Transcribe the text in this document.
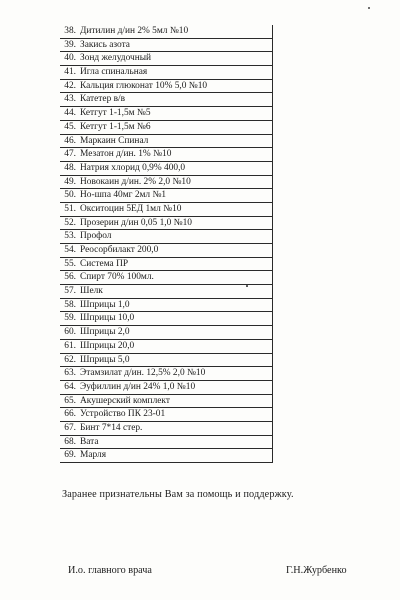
38. Дитилин д/ин 2% 5мл №10
39. Закись азота
40. Зонд желудочный
41. Игла спинальная
42. Кальция глюконат 10% 5,0 №10
43. Катетер в/в
44. Кетгут 1-1,5м №5
45. Кетгут 1-1,5м №6
46. Маркаин Спинал
47. Мезатон д/ин. 1% №10
48. Натрия хлорид 0,9% 400,0
49. Новокаин д/ин. 2% 2,0 №10
50. Но-шпа 40мг 2мл №1
51. Окситоцин 5ЕД 1мл №10
52. Прозерин д/ин 0,05 1,0 №10
53. Профол
54. Реосорбилакт 200,0
55. Система ПР
56. Спирт 70% 100мл.
57. Шелк
58. Шприцы 1,0
59. Шприцы 10,0
60. Шприцы 2,0
61. Шприцы 20,0
62. Шприцы 5,0
63. Этамзилат д/ин. 12,5% 2,0 №10
64. Эуфиллин д/ин 24% 1,0 №10
65. Акушерский комплект
66. Устройство ПК 23-01
67. Бинт 7*14 стер.
68. Вата
69. Марля
Заранее признательны Вам за помощь и поддержку.
И.о. главного врача	Г.Н.Журбенко
